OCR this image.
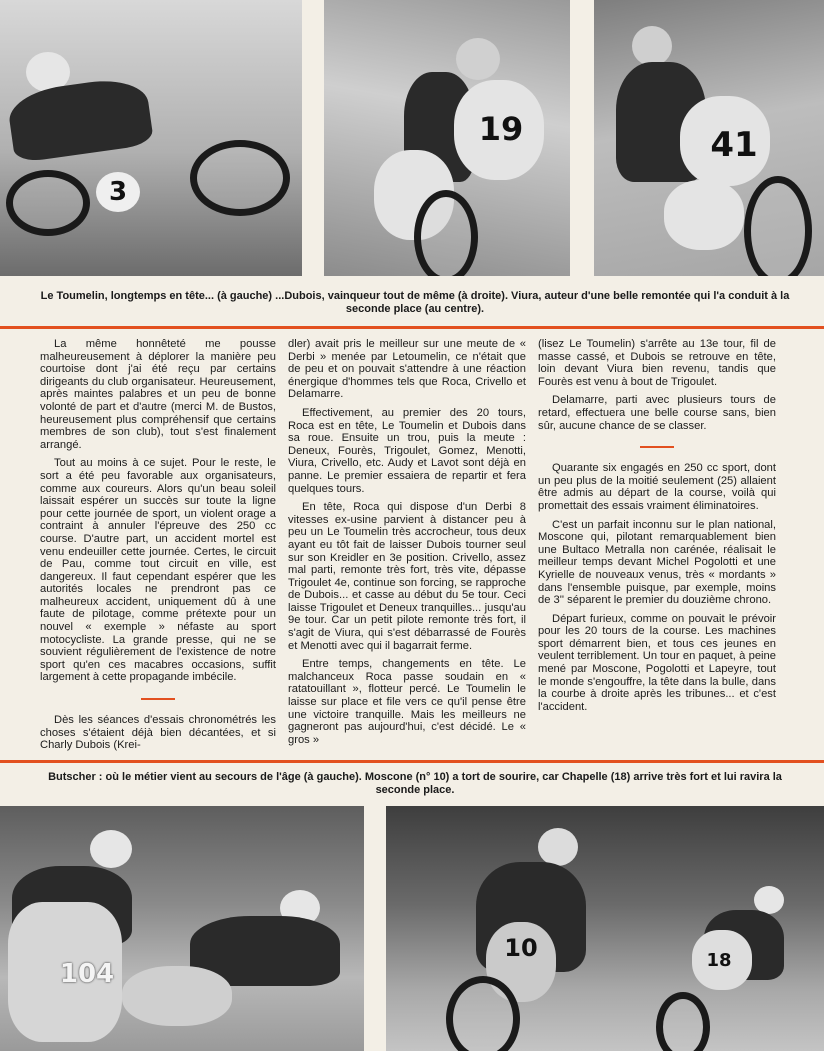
3
19	41
Le Toumelin, longtemps en tête... (à gauche) ...Dubois, vainqueur tout de même (à droite). Viura, auteur d'une belle remontée qui l'a conduit à la seconde place (au centre).

La même honnêteté me pousse malheureusement à déplorer la manière peu courtoise dont j'ai été reçu par certains dirigeants du club organisateur. Heureusement, après maintes palabres et un peu de bonne volonté de part et d'autre (merci M. de Bustos, heureusement plus compréhensif que certains membres de son club), tout s'est finalement arrangé.

Tout au moins à ce sujet. Pour le reste, le sort a été peu favorable aux organisateurs, comme aux coureurs. Alors qu'un beau soleil laissait espérer un succès sur toute la ligne pour cette journée de sport, un violent orage a contraint à annuler l'épreuve des 250 cc course. D'autre part, un accident mortel est venu endeuiller cette journée. Certes, le circuit de Pau, comme tout circuit en ville, est dangereux. Il faut cependant espérer que les autorités locales ne prendront pas ce malheureux accident, uniquement dû à une faute de pilotage, comme prétexte pour un nouvel « exemple » néfaste au sport motocycliste. La grande presse, qui ne se souvient régulièrement de l'existence de notre sport qu'en ces macabres occasions, suffit largement à cette propagande imbécile.

Dès les séances d'essais chronométrés les choses s'étaient déjà bien décantées, et si Charly Dubois (Krei-

dler) avait pris le meilleur sur une meute de « Derbi » menée par Letoumelin, ce n'était que de peu et on pouvait s'attendre à une réaction énergique d'hommes tels que Roca, Crivello et Delamarre.

Effectivement, au premier des 20 tours, Roca est en tête, Le Toumelin et Dubois dans sa roue. Ensuite un trou, puis la meute : Deneux, Fourès, Trigoulet, Gomez, Menotti, Viura, Crivello, etc. Audy et Lavot sont déjà en panne. Le premier essaiera de repartir et fera quelques tours.

En tête, Roca qui dispose d'un Derbi 8 vitesses ex-usine parvient à distancer peu à peu un Le Toumelin très accrocheur, tous deux ayant eu tôt fait de laisser Dubois tourner seul sur son Kreidler en 3e position. Crivello, assez mal parti, remonte très fort, très vite, dépasse Trigoulet 4e, continue son forcing, se rapproche de Dubois... et casse au début du 5e tour. Ceci laisse Trigoulet et Deneux tranquilles... jusqu'au 9e tour. Car un petit pilote remonte très fort, il s'agit de Viura, qui s'est débarrassé de Fourès et Menotti avec qui il bagarrait ferme.

Entre temps, changements en tête. Le malchanceux Roca passe soudain en « ratatouillant », flotteur percé. Le Toumelin le laisse sur place et file vers ce qu'il pense être une victoire tranquille. Mais les meilleurs ne gagneront pas aujourd'hui, c'est décidé. Le « gros »

(lisez Le Toumelin) s'arrête au 13e tour, fil de masse cassé, et Dubois se retrouve en tête, loin devant Viura bien revenu, tandis que Fourès est venu à bout de Trigoulet.

Delamarre, parti avec plusieurs tours de retard, effectuera une belle course sans, bien sûr, aucune chance de se classer.

Quarante six engagés en 250 cc sport, dont un peu plus de la moitié seulement (25) allaient être admis au départ de la course, voilà qui promettait des essais vraiment éliminatoires.

C'est un parfait inconnu sur le plan national, Moscone qui, pilotant remarquablement bien une Bultaco Metralla non carénée, réalisait le meilleur temps devant Michel Pogolotti et une Kyrielle de nouveaux venus, très « mordants » dans l'ensemble puisque, par exemple, moins de 3'' séparent le premier du douzième chrono.

Départ furieux, comme on pouvait le prévoir pour les 20 tours de la course. Les machines sport démarrent bien, et tous ces jeunes en veulent terriblement. Un tour en paquet, à peine mené par Moscone, Pogolotti et Lapeyre, tout le monde s'engouffre, la tête dans la bulle, dans la courbe à droite après les tribunes... et c'est l'accident.

Butscher : où le métier vient au secours de l'âge (à gauche). Moscone (n° 10) a tort de sourire, car Chapelle (18) arrive très fort et lui ravira la seconde place.
104
10	18
